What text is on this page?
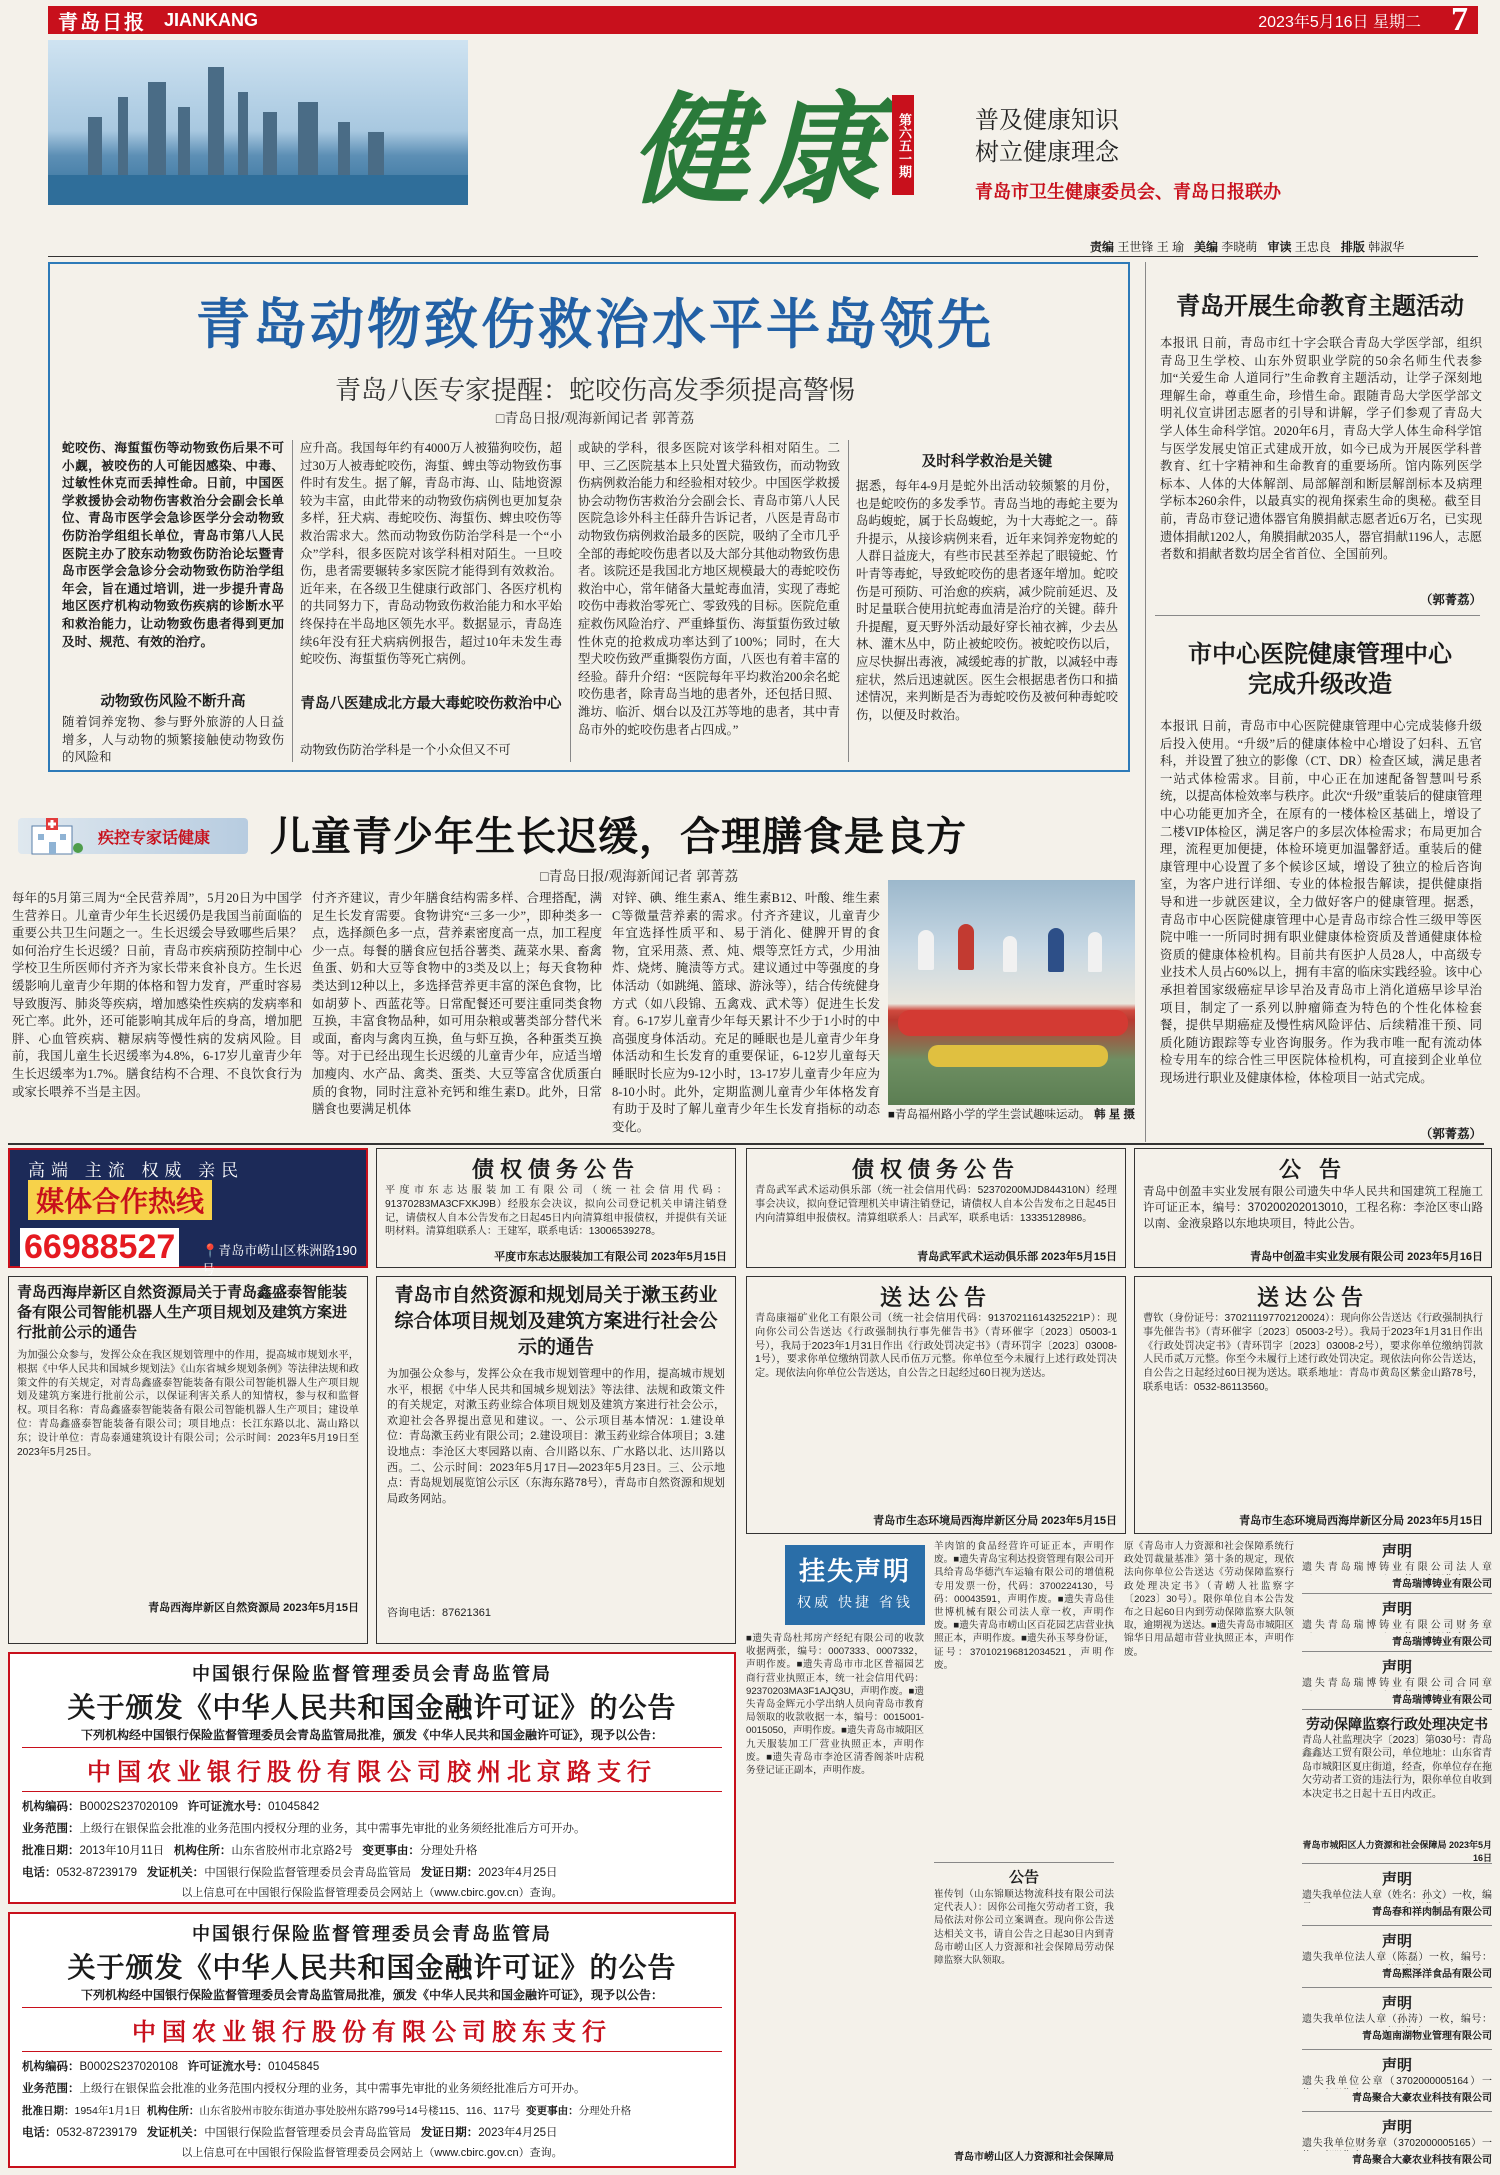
青岛日报 JIANKANG	2023年5月16日 星期二 7
健康 第六五一期	普及健康知识
树立健康理念
青岛市卫生健康委员会、青岛日报联办
责编 王世锋 王 瑜 美编 李晓萌 审读 王忠良 排版 韩淑华
青岛动物致伤救治水平半岛领先
青岛八医专家提醒：蛇咬伤高发季须提高警惕
□青岛日报/观海新闻记者 郭菁荔
蛇咬伤、海蜇蜇伤等动物致伤后果不可小觑，被咬伤的人可能因感染、中毒、过敏性休克而丢掉性命。日前，中国医学救援协会动物伤害救治分会副会长单位、青岛市医学会急诊医学分会动物致伤防治学组组长单位，青岛市第八人民医院主办了胶东动物致伤防治论坛暨青岛市医学会急诊分会动物致伤防治学组年会，旨在通过培训，进一步提升青岛地区医疗机构动物致伤疾病的诊断水平和救治能力，让动物致伤患者得到更加及时、规范、有效的治疗。
动物致伤风险不断升高
随着饲养宠物、参与野外旅游的人日益增多，人与动物的频繁接触使动物致伤的风险和
应升高。我国每年约有4000万人被猫狗咬伤，超过30万人被毒蛇咬伤，海蜇、蜱虫等动物致伤事件时有发生。据了解，青岛市海、山、陆地资源较为丰富，由此带来的动物致伤病例也更加复杂多样，狂犬病、毒蛇咬伤、海蜇伤、蜱虫咬伤等救治需求大。然而动物致伤防治学科是一个“小众”学科，很多医院对该学科相对陌生。一旦咬伤，患者需要辗转多家医院才能得到有效救治。近年来，在各级卫生健康行政部门、各医疗机构的共同努力下，青岛动物致伤救治能力和水平始终保持在半岛地区领先水平。数据显示，青岛连续6年没有狂犬病病例报告，超过10年未发生毒蛇咬伤、海蜇蜇伤等死亡病例。
青岛八医建成北方最大毒蛇咬伤救治中心
动物致伤防治学科是一个小众但又不可
或缺的学科，很多医院对该学科相对陌生。二甲、三乙医院基本上只处置犬猫致伤，而动物致伤病例救治能力和经验相对较少。中国医学救援协会动物伤害救治分会副会长、青岛市第八人民医院急诊外科主任薛升告诉记者，八医是青岛市动物致伤病例救治最多的医院，吸纳了全市几乎全部的毒蛇咬伤患者以及大部分其他动物致伤患者。该院还是我国北方地区规模最大的毒蛇咬伤救治中心，常年储备大量蛇毒血清，实现了毒蛇咬伤中毒救治零死亡、零致残的目标。医院危重症救伤风险治疗、严重蜂蜇伤、海蜇蜇伤致过敏性休克的抢救成功率达到了100%；同时，在大型犬咬伤致严重撕裂伤方面，八医也有着丰富的经验。薛升介绍：“医院每年平均救治200余名蛇咬伤患者，除青岛当地的患者外，还包括日照、潍坊、临沂、烟台以及江苏等地的患者，其中青岛市外的蛇咬伤患者占四成。”
及时科学救治是关键
据悉，每年4-9月是蛇外出活动较频繁的月份，也是蛇咬伤的多发季节。青岛当地的毒蛇主要为岛屿蝮蛇，属于长岛蝮蛇，为十大毒蛇之一。薛升提示，从接诊病例来看，近年来饲养宠物蛇的人群日益庞大，有些市民甚至养起了眼镜蛇、竹叶青等毒蛇，导致蛇咬伤的患者逐年增加。蛇咬伤是可预防、可治愈的疾病，减少院前延迟、及时足量联合使用抗蛇毒血清是治疗的关键。薛升升提醒，夏天野外活动最好穿长袖衣裤，少去丛林、灌木丛中，防止被蛇咬伤。被蛇咬伤以后，应尽快摒出毒液，减缓蛇毒的扩散，以减轻中毒症状，然后迅速就医。医生会根据患者伤口和描述情况，来判断是否为毒蛇咬伤及被何种毒蛇咬伤，以便及时救治。
青岛开展生命教育主题活动
本报讯 日前，青岛市红十字会联合青岛大学医学部，组织青岛卫生学校、山东外贸职业学院的50余名师生代表参加“关爱生命 人道同行”生命教育主题活动，让学子深刻地理解生命，尊重生命，珍惜生命。跟随青岛大学医学部文明礼仪宣讲团志愿者的引导和讲解，学子们参观了青岛大学人体生命科学馆。2020年6月，青岛大学人体生命科学馆与医学发展史馆正式建成开放，如今已成为开展医学科普教育、红十字精神和生命教育的重要场所。馆内陈列医学标本、人体的大体解剖、局部解剖和断层解剖标本及病理学标本260余件，以最真实的视角探索生命的奥秘。截至目前，青岛市登记遗体器官角膜捐献志愿者近6万名，已实现遗体捐献1202人，角膜捐献2035人，器官捐献1196人，志愿者数和捐献者数均居全省首位、全国前列。
（郭菁荔）
市中心医院健康管理中心
完成升级改造
本报讯 日前，青岛市中心医院健康管理中心完成装修升级后投入使用。“升级”后的健康体检中心增设了妇科、五官科，并设置了独立的影像（CT、DR）检查区域，满足患者一站式体检需求。目前，中心正在加速配备智慧叫号系统，以提高体检效率与秩序。此次“升级”重装后的健康管理中心功能更加齐全，在原有的一楼体检区基础上，增设了二楼VIP体检区，满足客户的多层次体检需求；布局更加合理，流程更加便捷，体检环境更加温馨舒适。重装后的健康管理中心设置了多个候诊区域，增设了独立的检后咨询室，为客户进行详细、专业的体检报告解读，提供健康指导和进一步就医建议，全力做好客户的健康管理。据悉，青岛市中心医院健康管理中心是青岛市综合性三级甲等医院中唯一一所同时拥有职业健康体检资质及普通健康体检资质的健康体检机构。目前共有医护人员28人，中高级专业技术人员占60%以上，拥有丰富的临床实践经验。该中心承担着国家级癌症早诊早治及青岛市上消化道癌早诊早治项目，制定了一系列以肿瘤筛查为特色的个性化体检套餐，提供早期癌症及慢性病风险评估、后续精准干预、同质化随访跟踪等专业咨询服务。作为我市唯一配有流动体检专用车的综合性三甲医院体检机构，可直接到企业单位现场进行职业及健康体检，体检项目一站式完成。
（郭菁荔）
疾控专家话健康 儿童青少年生长迟缓，合理膳食是良方
□青岛日报/观海新闻记者 郭菁荔
每年的5月第三周为“全民营养周”，5月20日为中国学生营养日。儿童青少年生长迟缓仍是我国当前面临的重要公共卫生问题之一。生长迟缓会导致哪些后果？如何治疗生长迟缓？日前，青岛市疾病预防控制中心学校卫生所医师付齐齐为家长带来食补良方。生长迟缓影响儿童青少年期的体格和智力发育，严重时容易导致腹泻、肺炎等疾病，增加感染性疾病的发病率和死亡率。此外，还可能影响其成年后的身高，增加肥胖、心血管疾病、糖尿病等慢性病的发病风险。目前，我国儿童生长迟缓率为4.8%，6-17岁儿童青少年生长迟缓率为1.7%。膳食结构不合理、不良饮食行为或家长喂养不当是主因。
付齐齐建议，青少年膳食结构需多样、合理搭配，满足生长发育需要。食物讲究“三多一少”，即种类多一点，选择颜色多一点，营养素密度高一点，加工程度少一点。每餐的膳食应包括谷薯类、蔬菜水果、畜禽鱼蛋、奶和大豆等食物中的3类及以上；每天食物种类达到12种以上，多选择营养更丰富的深色食物，比如胡萝卜、西蓝花等。日常配餐还可要注重同类食物互换，丰富食物品种，如可用杂粮或薯类部分替代米或面，畜肉与禽肉互换，鱼与虾互换，各种蛋类互换等。对于已经出现生长迟缓的儿童青少年，应适当增加瘦肉、水产品、禽类、蛋类、大豆等富含优质蛋白质的食物，同时注意补充钙和维生素D。此外，日常膳食也要满足机体
对锌、碘、维生素A、维生素B12、叶酸、维生素C等微量营养素的需求。付齐齐建议，儿童青少年宜选择性质平和、易于消化、健脾开胃的食物，宜采用蒸、煮、炖、煨等烹饪方式，少用油炸、烧烤、腌渍等方式。建议通过中等强度的身体活动（如跳绳、篮球、游泳等），结合传统健身方式（如八段锦、五禽戏、武术等）促进生长发育。6-17岁儿童青少年每天累计不少于1小时的中高强度身体活动。充足的睡眠也是儿童青少年身体活动和生长发育的重要保证，6-12岁儿童每天睡眠时长应为9-12小时，13-17岁儿童青少年应为8-10小时。此外，定期监测儿童青少年体格发育有助于及时了解儿童青少年生长发育指标的动态变化。
■青岛福州路小学的学生尝试趣味运动。 韩 星 摄
高端 主流 权威 亲民
媒体合作热线
66988527	📍青岛市崂山区株洲路190号
债权债务公告
平度市东志达服装加工有限公司（统一社会信用代码：91370283MA3CFXKJ9B）经股东会决议，拟向公司登记机关申请注销登记，请债权人自本公告发布之日起45日内向清算组申报债权，并提供有关证明材料。清算组联系人：王建军，联系电话：13006539278。
平度市东志达服装加工有限公司 2023年5月15日
债权债务公告
青岛武军武术运动俱乐部（统一社会信用代码：52370200MJD844310N）经理事会决议，拟向登记管理机关申请注销登记，请债权人自本公告发布之日起45日内向清算组申报债权。清算组联系人：吕武军，联系电话：13335128986。
青岛武军武术运动俱乐部 2023年5月15日
公 告
青岛中创盈丰实业发展有限公司遗失中华人民共和国建筑工程施工许可证正本，编号：370200202013010，工程名称：李沧区枣山路以南、金液泉路以东地块项目，特此公告。
青岛中创盈丰实业发展有限公司 2023年5月16日
青岛西海岸新区自然资源局关于青岛鑫盛泰智能装备有限公司智能机器人生产项目规划及建筑方案进行批前公示的通告
为加强公众参与，发挥公众在我区规划管理中的作用，提高城市规划水平，根据《中华人民共和国城乡规划法》《山东省城乡规划条例》等法律法规和政策文件的有关规定，对青岛鑫盛泰智能装备有限公司智能机器人生产项目规划及建筑方案进行批前公示，以保证利害关系人的知情权，参与权和监督权。项目名称：青岛鑫盛泰智能装备有限公司智能机器人生产项目；建设单位：青岛鑫盛泰智能装备有限公司；项目地点：长江东路以北、嵩山路以东；设计单位：青岛泰通建筑设计有限公司；公示时间：2023年5月19日至2023年5月25日。
青岛西海岸新区自然资源局 2023年5月15日
青岛市自然资源和规划局关于漱玉药业综合体项目规划及建筑方案进行社会公示的通告
为加强公众参与，发挥公众在我市规划管理中的作用，提高城市规划水平，根据《中华人民共和国城乡规划法》等法律、法规和政策文件的有关规定，对漱玉药业综合体项目规划及建筑方案进行社会公示，欢迎社会各界提出意见和建议。一、公示项目基本情况：1.建设单位：青岛漱玉药业有限公司；2.建设项目：漱玉药业综合体项目；3.建设地点：李沧区大枣园路以南、合川路以东、广水路以北、达川路以西。二、公示时间：2023年5月17日—2023年5月23日。三、公示地点：青岛规划展览馆公示区（东海东路78号），青岛市自然资源和规划局政务网站。
咨询电话：87621361
送达公告
青岛康福矿业化工有限公司（统一社会信用代码：91370211614325221P）：现向你公司公告送达《行政强制执行事先催告书》（青环催字〔2023〕05003-1号），我局于2023年1月31日作出《行政处罚决定书》（青环罚字〔2023〕03008-1号），要求你单位缴纳罚款人民币伍万元整。你单位至今未履行上述行政处罚决定。现依法向你单位公告送达，自公告之日起经过60日视为送达。
青岛市生态环境局西海岸新区分局 2023年5月15日
送达公告
曹钦（身份证号：370211197702120024）：现向你公告送达《行政强制执行事先催告书》（青环催字〔2023〕05003-2号）。我局于2023年1月31日作出《行政处罚决定书》（青环罚字〔2023〕03008-2号），要求你单位缴纳罚款人民币贰万元整。你至今未履行上述行政处罚决定。现依法向你公告送达，自公告之日起经过60日视为送达。联系地址：青岛市黄岛区紫金山路78号，联系电话：0532-86113560。
青岛市生态环境局西海岸新区分局 2023年5月15日
中国银行保险监督管理委员会青岛监管局
关于颁发《中华人民共和国金融许可证》的公告
下列机构经中国银行保险监督管理委员会青岛监管局批准，颁发《中华人民共和国金融许可证》，现予以公告：
中国农业银行股份有限公司胶州北京路支行
机构编码：B0002S237020109 许可证流水号：01045842
业务范围：上级行在银保监会批准的业务范围内授权分理的业务，其中需事先审批的业务须经批准后方可开办。
批准日期：2013年10月11日 机构住所：山东省胶州市北京路2号 变更事由：分理处升格
电话：0532-87239179 发证机关：中国银行保险监督管理委员会青岛监管局 发证日期：2023年4月25日
以上信息可在中国银行保险监督管理委员会网站上（www.cbirc.gov.cn）查询。
中国银行保险监督管理委员会青岛监管局
关于颁发《中华人民共和国金融许可证》的公告
下列机构经中国银行保险监督管理委员会青岛监管局批准，颁发《中华人民共和国金融许可证》，现予以公告：
中国农业银行股份有限公司胶东支行
机构编码：B0002S237020108 许可证流水号：01045845
业务范围：上级行在银保监会批准的业务范围内授权分理的业务，其中需事先审批的业务须经批准后方可开办。
批准日期：1954年1月1日 机构住所：山东省胶州市胶东街道办事处胶州东路799号14号楼115、116、117号 变更事由：分理处升格
电话：0532-87239179 发证机关：中国银行保险监督管理委员会青岛监管局 发证日期：2023年4月25日
以上信息可在中国银行保险监督管理委员会网站上（www.cbirc.gov.cn）查询。
挂失声明
权威 快捷 省钱
■遗失青岛杜邦房产经纪有限公司的收款收据两张，编号：0007333、0007332，声明作废。■遗失青岛市市北区普福园艺商行营业执照正本，统一社会信用代码：92370203MA3F1AJQ3U，声明作废。■遗失青岛金辉元小学出纳人员向青岛市教育局领取的收款收据一本，编号：0015001-0015050，声明作废。■遗失青岛市城阳区九天服装加工厂营业执照正本，声明作废。■遗失青岛市李沧区清香阁茶叶店税务登记证正副本，声明作废。
羊肉馆的食品经营许可证正本，声明作废。■遗失青岛宝利达投资管理有限公司开具给青岛华德汽车运输有限公司的增值税专用发票一份，代码：3700224130，号码：00043591，声明作废。■遗失青岛佳世博机械有限公司法人章一枚，声明作废。■遗失青岛市崂山区百花园艺店营业执照正本，声明作废。■遗失孙玉琴身份证，证号：370102196812034521，声明作废。
公告
崔传钊（山东锦顺达物流科技有限公司法定代表人）：因你公司拖欠劳动者工资，我局依法对你公司立案调查。现向你公告送达相关文书，请自公告之日起30日内到青岛市崂山区人力资源和社会保障局劳动保障监察大队领取。
青岛市崂山区人力资源和社会保障局
原《青岛市人力资源和社会保障系统行政处罚裁量基准》第十条的规定，现依法向你单位公告送达《劳动保障监察行政处理决定书》（青崂人社监察字〔2023〕30号）。限你单位自本公告发布之日起60日内到劳动保障监察大队领取，逾期视为送达。■遗失青岛市城阳区锦华日用品超市营业执照正本，声明作废。
声明
遗失青岛瑞博铸业有限公司法人章
青岛瑞博铸业有限公司
声明
遗失青岛瑞博铸业有限公司财务章
青岛瑞博铸业有限公司
声明
遗失青岛瑞博铸业有限公司合同章
青岛瑞博铸业有限公司
劳动保障监察行政处理决定书
青岛人社监理决字〔2023〕第030号：青岛鑫鑫达工贸有限公司，单位地址：山东省青岛市城阳区夏庄街道，经查，你单位存在拖欠劳动者工资的违法行为，限你单位自收到本决定书之日起十五日内改正。
青岛市城阳区人力资源和社会保障局 2023年5月16日
声明
遗失我单位法人章（姓名：孙文）一枚，编
青岛春和祥肉制品有限公司
声明
遗失我单位法人章（陈磊）一枚，编号：
青岛熙泽洋食品有限公司
声明
遗失我单位法人章（孙涛）一枚，编号：
青岛迦南湖物业管理有限公司
声明
遗失我单位公章（3702000005164）一
青岛聚合大豪农业科技有限公司
声明
遗失我单位财务章（3702000005165）一
青岛聚合大豪农业科技有限公司
